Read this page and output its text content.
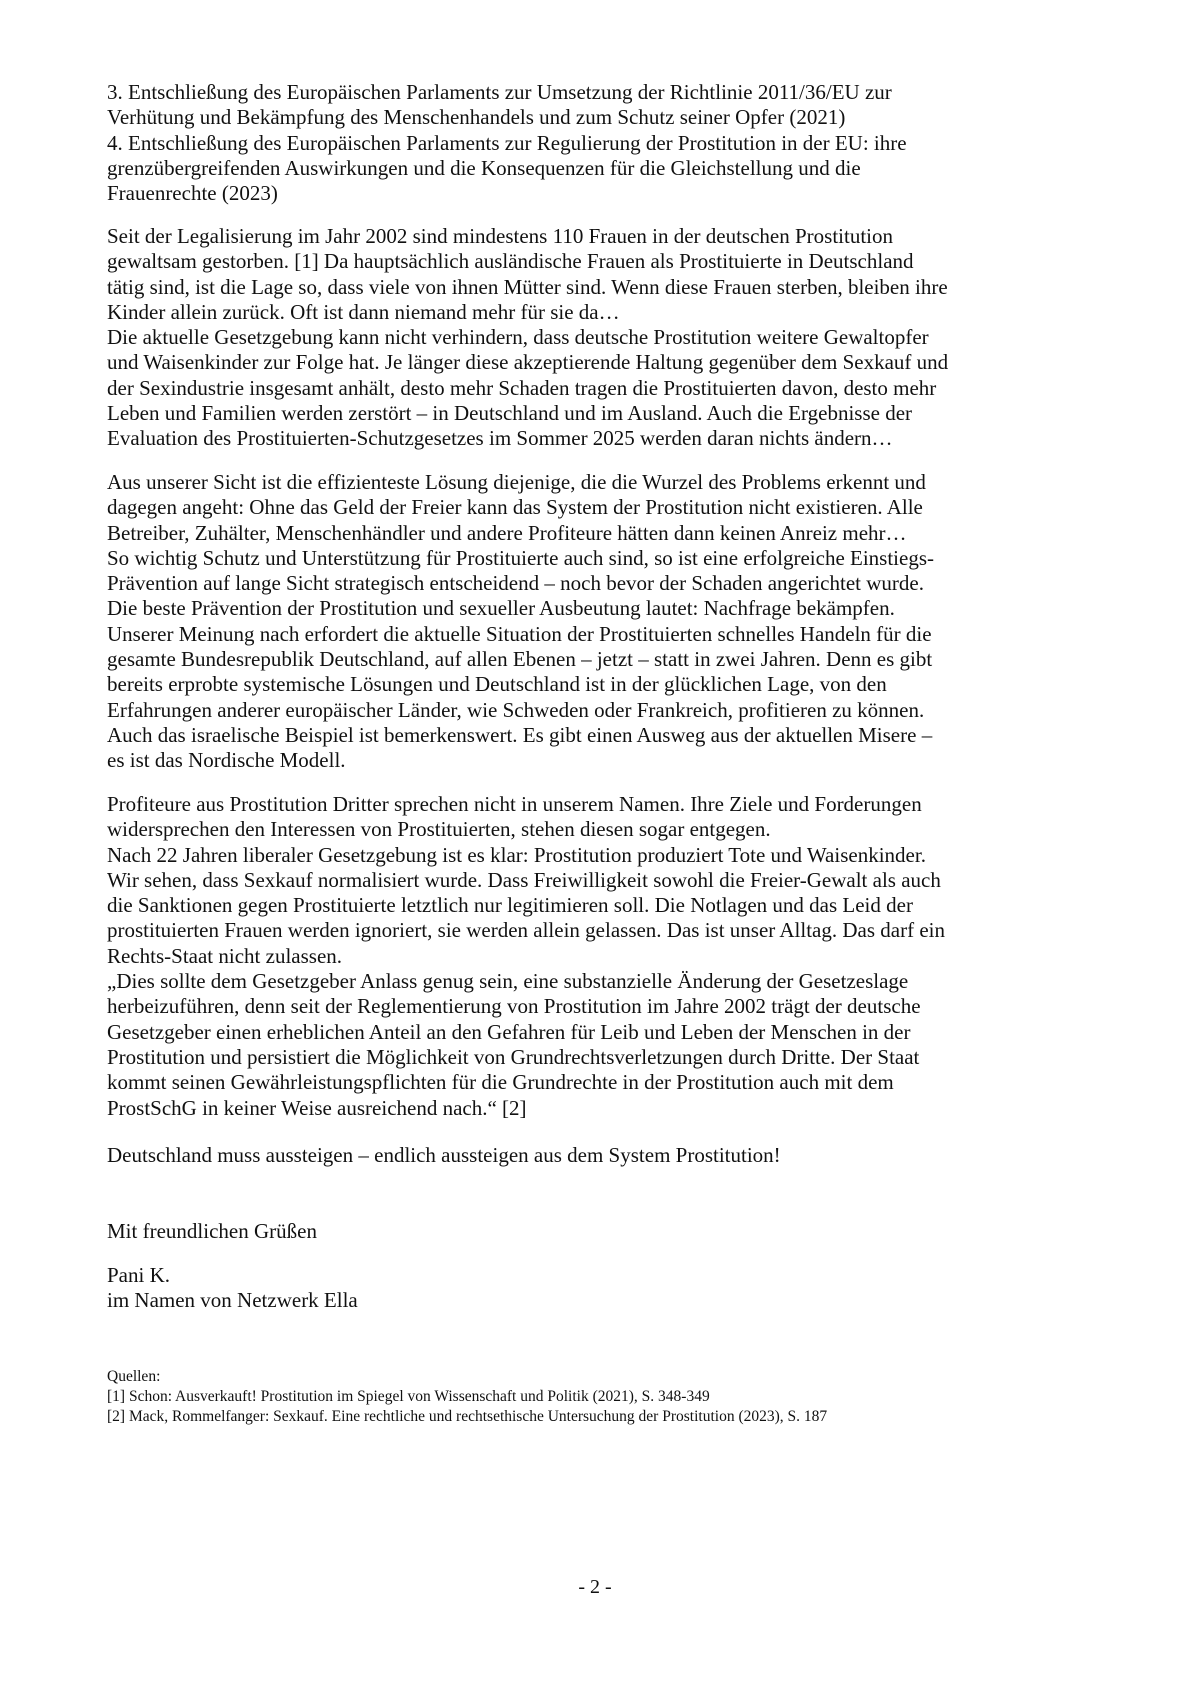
3. Entschließung des Europäischen Parlaments zur Umsetzung der Richtlinie 2011/36/EU zur
Verhütung und Bekämpfung des Menschenhandels und zum Schutz seiner Opfer (2021)
4. Entschließung des Europäischen Parlaments zur Regulierung der Prostitution in der EU: ihre
grenzübergreifenden Auswirkungen und die Konsequenzen für die Gleichstellung und die
Frauenrechte (2023)
Seit der Legalisierung im Jahr 2002 sind mindestens 110 Frauen in der deutschen Prostitution
gewaltsam gestorben. [1] Da hauptsächlich ausländische Frauen als Prostituierte in Deutschland
tätig sind, ist die Lage so, dass viele von ihnen Mütter sind. Wenn diese Frauen sterben, bleiben ihre
Kinder allein zurück. Oft ist dann niemand mehr für sie da…
Die aktuelle Gesetzgebung kann nicht verhindern, dass deutsche Prostitution weitere Gewaltopfer
und Waisenkinder zur Folge hat. Je länger diese akzeptierende Haltung gegenüber dem Sexkauf und
der Sexindustrie insgesamt anhält, desto mehr Schaden tragen die Prostituierten davon, desto mehr
Leben und Familien werden zerstört – in Deutschland und im Ausland. Auch die Ergebnisse der
Evaluation des Prostituierten-Schutzgesetzes im Sommer 2025 werden daran nichts ändern…
Aus unserer Sicht ist die effizienteste Lösung diejenige, die die Wurzel des Problems erkennt und
dagegen angeht: Ohne das Geld der Freier kann das System der Prostitution nicht existieren. Alle
Betreiber, Zuhälter, Menschenhändler und andere Profiteure hätten dann keinen Anreiz mehr…
So wichtig Schutz und Unterstützung für Prostituierte auch sind, so ist eine erfolgreiche Einstiegs-
Prävention auf lange Sicht strategisch entscheidend – noch bevor der Schaden angerichtet wurde.
Die beste Prävention der Prostitution und sexueller Ausbeutung lautet: Nachfrage bekämpfen.
Unserer Meinung nach erfordert die aktuelle Situation der Prostituierten schnelles Handeln für die
gesamte Bundesrepublik Deutschland, auf allen Ebenen – jetzt – statt in zwei Jahren. Denn es gibt
bereits erprobte systemische Lösungen und Deutschland ist in der glücklichen Lage, von den
Erfahrungen anderer europäischer Länder, wie Schweden oder Frankreich, profitieren zu können.
Auch das israelische Beispiel ist bemerkenswert. Es gibt einen Ausweg aus der aktuellen Misere –
es ist das Nordische Modell.
Profiteure aus Prostitution Dritter sprechen nicht in unserem Namen. Ihre Ziele und Forderungen
widersprechen den Interessen von Prostituierten, stehen diesen sogar entgegen.
Nach 22 Jahren liberaler Gesetzgebung ist es klar: Prostitution produziert Tote und Waisenkinder.
Wir sehen, dass Sexkauf normalisiert wurde. Dass Freiwilligkeit sowohl die Freier-Gewalt als auch
die Sanktionen gegen Prostituierte letztlich nur legitimieren soll. Die Notlagen und das Leid der
prostituierten Frauen werden ignoriert, sie werden allein gelassen. Das ist unser Alltag. Das darf ein
Rechts-Staat nicht zulassen.
„Dies sollte dem Gesetzgeber Anlass genug sein, eine substanzielle Änderung der Gesetzeslage
herbeizuführen, denn seit der Reglementierung von Prostitution im Jahre 2002 trägt der deutsche
Gesetzgeber einen erheblichen Anteil an den Gefahren für Leib und Leben der Menschen in der
Prostitution und persistiert die Möglichkeit von Grundrechtsverletzungen durch Dritte. Der Staat
kommt seinen Gewährleistungspflichten für die Grundrechte in der Prostitution auch mit dem
ProstSchG in keiner Weise ausreichend nach.“ [2]
Deutschland muss aussteigen – endlich aussteigen aus dem System Prostitution!
Mit freundlichen Grüßen
Pani K.
im Namen von Netzwerk Ella
Quellen:
[1] Schon: Ausverkauft! Prostitution im Spiegel von Wissenschaft und Politik (2021), S. 348-349
[2] Mack, Rommelfanger: Sexkauf. Eine rechtliche und rechtsethische Untersuchung der Prostitution (2023), S. 187
- 2 -
